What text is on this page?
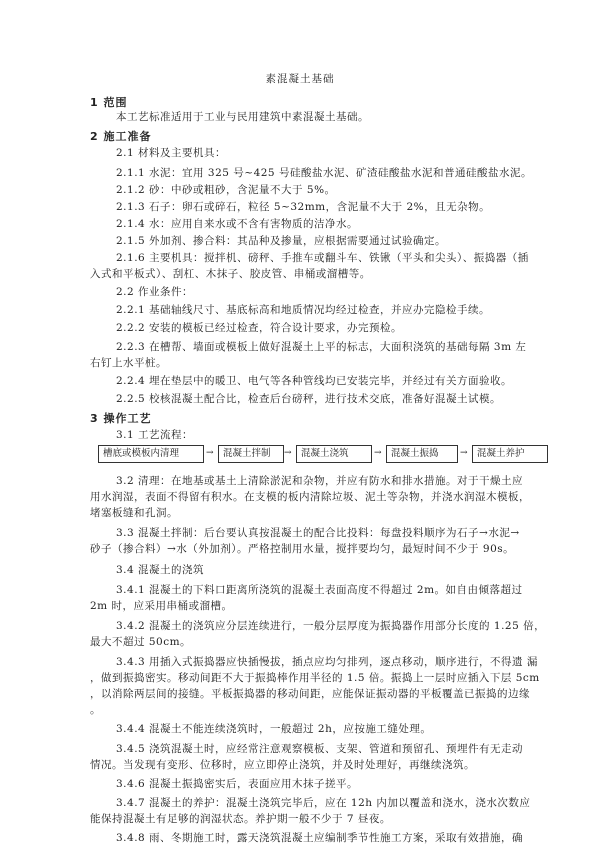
素混凝土基础
1 范围
本工艺标准适用于工业与民用建筑中素混凝土基础。
2 施工准备
2.1 材料及主要机具：
2.1.1 水泥：宜用 325 号~425 号硅酸盐水泥、矿渣硅酸盐水泥和普通硅酸盐水泥。
2.1.2 砂：中砂或粗砂，含泥量不大于 5%。
2.1.3 石子：卵石或碎石，粒径 5~32mm，含泥量不大于 2%，且无杂物。
2.1.4 水：应用自来水或不含有害物质的洁净水。
2.1.5 外加剂、掺合料：其品种及掺量，应根据需要通过试验确定。
2.1.6 主要机具：搅拌机、磅秤、手推车或翻斗车、铁锹（平头和尖头）、振捣器（插
入式和平板式）、刮杠、木抹子、胶皮管、串桶或溜槽等。
2.2 作业条件：
2.2.1 基础轴线尺寸、基底标高和地质情况均经过检查，并应办完隐检手续。
2.2.2 安装的模板已经过检查，符合设计要求，办完预检。
2.2.3 在槽帮、墙面或模板上做好混凝土上平的标志，大面积浇筑的基础每隔 3m 左
右钉上水平桩。
2.2.4 埋在垫层中的暖卫、电气等各种管线均已安装完毕，并经过有关方面验收。
2.2.5 校核混凝土配合比，检查后台磅秤，进行技术交底，准备好混凝土试模。
3 操作工艺
3.1 工艺流程：
槽底或模板内清理	→ 混凝土拌制	→ 混凝土浇筑	→ 混凝土振捣	→ 混凝土养护
3.2 清理：在地基或基土上清除淤泥和杂物，并应有防水和排水措施。对于干燥土应
用水润湿，表面不得留有积水。在支模的板内清除垃圾、泥土等杂物，并浇水润湿木模板，
堵塞板缝和孔洞。
3.3 混凝土拌制：后台要认真按混凝土的配合比投料：每盘投料顺序为石子→水泥→
砂子（掺合料）→水（外加剂）。严格控制用水量，搅拌要均匀，最短时间不少于 90s。
3.4 混凝土的浇筑
3.4.1 混凝土的下料口距离所浇筑的混凝土表面高度不得超过 2m。如自由倾落超过
2m 时，应采用串桶或溜槽。
3.4.2 混凝土的浇筑应分层连续进行，一般分层厚度为振捣器作用部分长度的 1.25 倍，
最大不超过 50cm。
3.4.3 用插入式振捣器应快插慢拔，插点应均匀排列，逐点移动，顺序进行，不得遗 漏
，做到振捣密实。移动间距不大于振捣棒作用半径的 1.5 倍。振捣上一层时应插入下层 5cm
，以消除两层间的接缝。平板振捣器的移动间距，应能保证振动器的平板覆盖已振捣的边缘
。
3.4.4 混凝土不能连续浇筑时，一般超过 2h，应按施工缝处理。
3.4.5 浇筑混凝土时，应经常注意观察模板、支架、管道和预留孔、预埋件有无走动
情况。当发现有变形、位移时，应立即停止浇筑，并及时处理好，再继续浇筑。
3.4.6 混凝土振捣密实后，表面应用木抹子搓平。
3.4.7 混凝土的养护：混凝土浇筑完毕后，应在 12h 内加以覆盖和浇水，浇水次数应
能保持混凝土有足够的润湿状态。养护期一般不少于 7 昼夜。
3.4.8 雨、冬期施工时，露天浇筑混凝土应编制季节性施工方案，采取有效措施，确
